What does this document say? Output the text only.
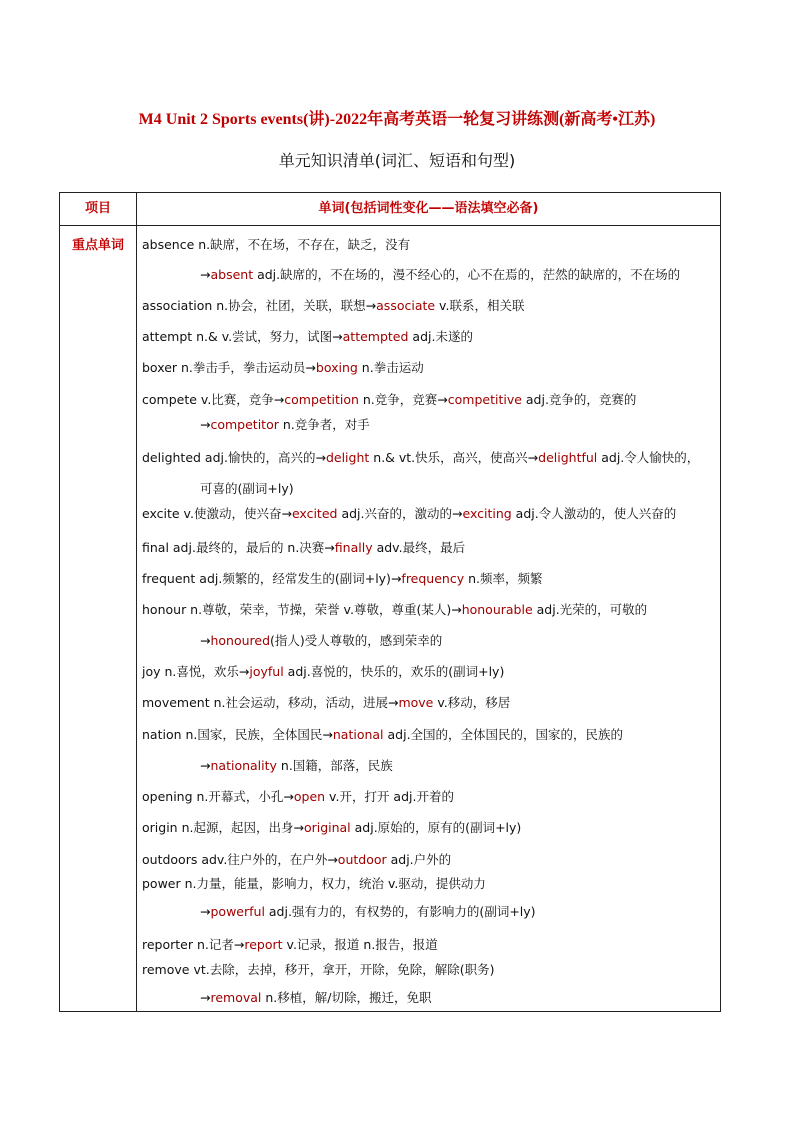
M4 Unit 2 Sports events(讲)-2022年高考英语一轮复习讲练测(新高考•江苏)
单元知识清单(词汇、短语和句型)
项目	单词(包括词性变化——语法填空必备)
重点单词	absence n.缺席，不在场，不存在，缺乏，没有
→absent adj.缺席的，不在场的，漫不经心的，心不在焉的，茫然的缺席的，不在场的
association n.协会，社团，关联，联想→associate v.联系，相关联
attempt n.& v.尝试，努力，试图→attempted adj.未遂的
boxer n.拳击手，拳击运动员→boxing n.拳击运动
compete v.比赛，竞争→competition n.竞争，竞赛→competitive adj.竞争的，竞赛的
→competitor n.竞争者，对手
delighted adj.愉快的，高兴的→delight n.& vt.快乐，高兴，使高兴→delightful adj.令人愉快的，
可喜的(副词+ly)
excite v.使激动，使兴奋→excited adj.兴奋的，激动的→exciting adj.令人激动的，使人兴奋的
final adj.最终的，最后的 n.决赛→finally adv.最终，最后
frequent adj.频繁的，经常发生的(副词+ly)→frequency n.频率，频繁
honour n.尊敬，荣幸，节操，荣誉 v.尊敬，尊重(某人)→honourable adj.光荣的，可敬的
→honoured(指人)受人尊敬的，感到荣幸的
joy n.喜悦，欢乐→joyful adj.喜悦的，快乐的，欢乐的(副词+ly)
movement n.社会运动，移动，活动，进展→move v.移动，移居
nation n.国家，民族，全体国民→national adj.全国的，全体国民的，国家的，民族的
→nationality n.国籍，部落，民族
opening n.开幕式，小孔→open v.开，打开 adj.开着的
origin n.起源，起因，出身→original adj.原始的，原有的(副词+ly)
outdoors adv.往户外的，在户外→outdoor adj.户外的
power n.力量，能量，影响力，权力，统治 v.驱动，提供动力
→powerful adj.强有力的，有权势的，有影响力的(副词+ly)
reporter n.记者→report v.记录，报道 n.报告，报道
remove vt.去除，去掉，移开，拿开，开除，免除，解除(职务)
→removal n.移植，解/切除，搬迁，免职
